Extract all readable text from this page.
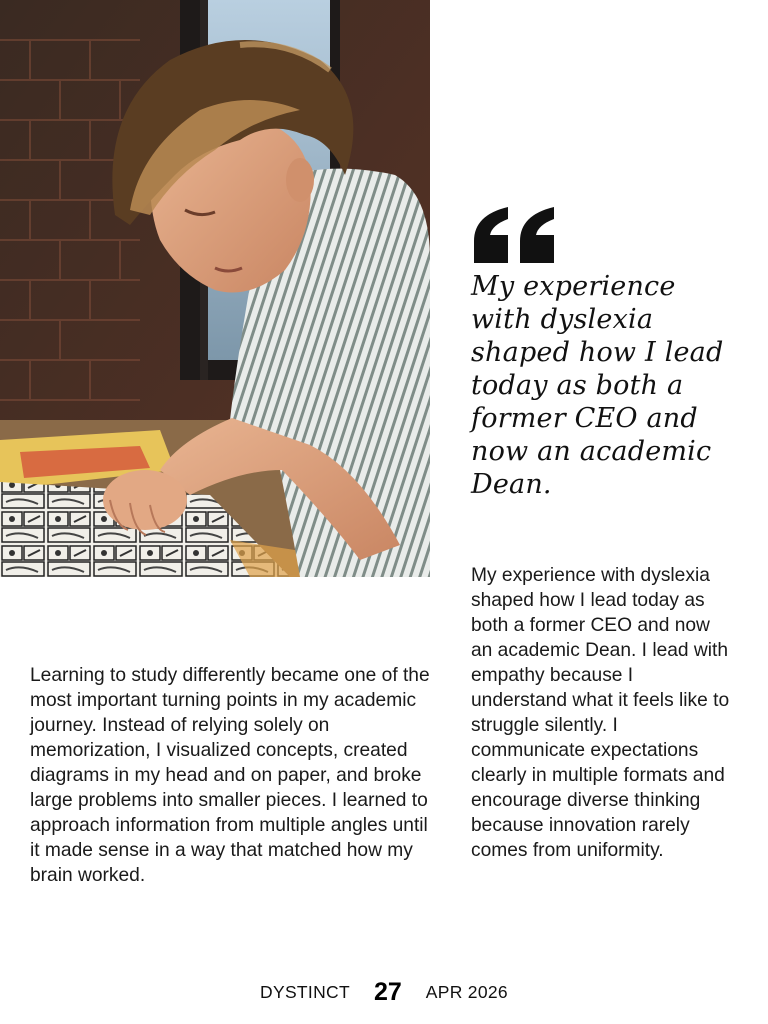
My experience with dyslexia shaped how I lead today as both a former CEO and now an academic Dean.

Learning to study differently became one of the most important turning points in my academic journey. Instead of relying solely on memorization, I visualized concepts, created diagrams in my head and on paper, and broke large problems into smaller pieces. I learned to approach information from multiple angles until it made sense in a way that matched how my brain worked.

My experience with dyslexia shaped how I lead today as both a former CEO and now an academic Dean. I lead with empathy because I understand what it feels like to struggle silently. I communicate expectations clearly in multiple formats and encourage diverse thinking because innovation rarely comes from uniformity.

DYSTINCT 27 APR 2026
